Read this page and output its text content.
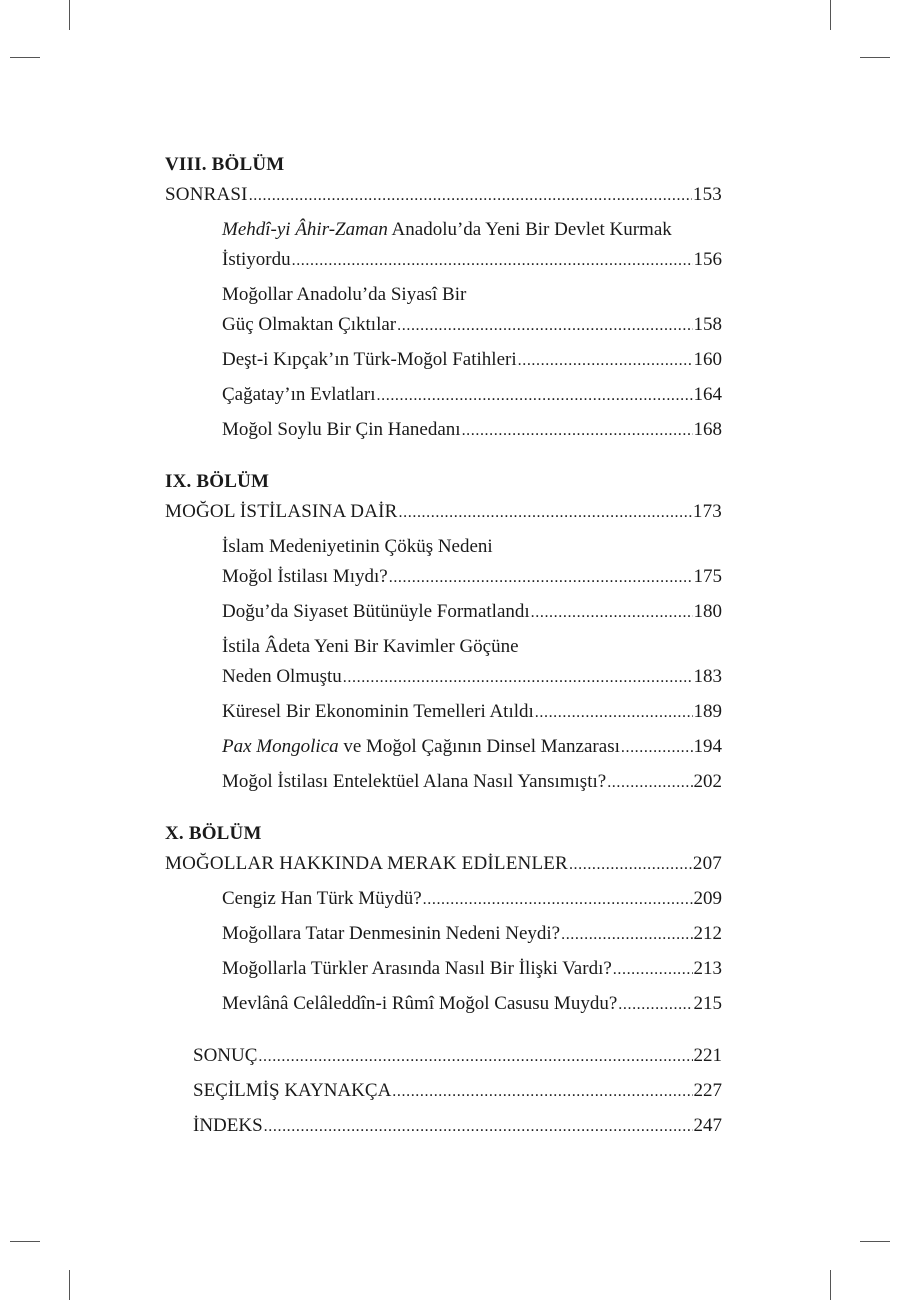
VIII. BÖLÜM
SONRASI .....	153
Mehdî-yi Âhir-Zaman Anadolu’da Yeni Bir Devlet Kurmak
İstiyordu .....	156
Moğollar Anadolu’da Siyasî Bir
Güç Olmaktan Çıktılar .....	158
Deşt-i Kıpçak’ın Türk-Moğol Fatihleri .....	160
Çağatay’ın Evlatları .....	164
Moğol Soylu Bir Çin Hanedanı .....	168
IX. BÖLÜM
MOĞOL İSTİLASINA DAİR .....	173
İslam Medeniyetinin Çöküş Nedeni
Moğol İstilası Mıydı? .....	175
Doğu’da Siyaset Bütünüyle Formatlandı .....	180
İstila Âdeta Yeni Bir Kavimler Göçüne
Neden Olmuştu .....	183
Küresel Bir Ekonominin Temelleri Atıldı .....	189
Pax Mongolica ve Moğol Çağının Dinsel Manzarası .....	194
Moğol İstilası Entelektüel Alana Nasıl Yansımıştı? .....	202
X. BÖLÜM
MOĞOLLAR HAKKINDA MERAK EDİLENLER .....	207
Cengiz Han Türk Müydü? .....	209
Moğollara Tatar Denmesinin Nedeni Neydi? .....	212
Moğollarla Türkler Arasında Nasıl Bir İlişki Vardı? .....	213
Mevlânâ Celâleddîn-i Rûmî Moğol Casusu Muydu? .....	215
SONUÇ .....	221
SEÇİLMİŞ KAYNAKÇA .....	227
İNDEKS .....	247
